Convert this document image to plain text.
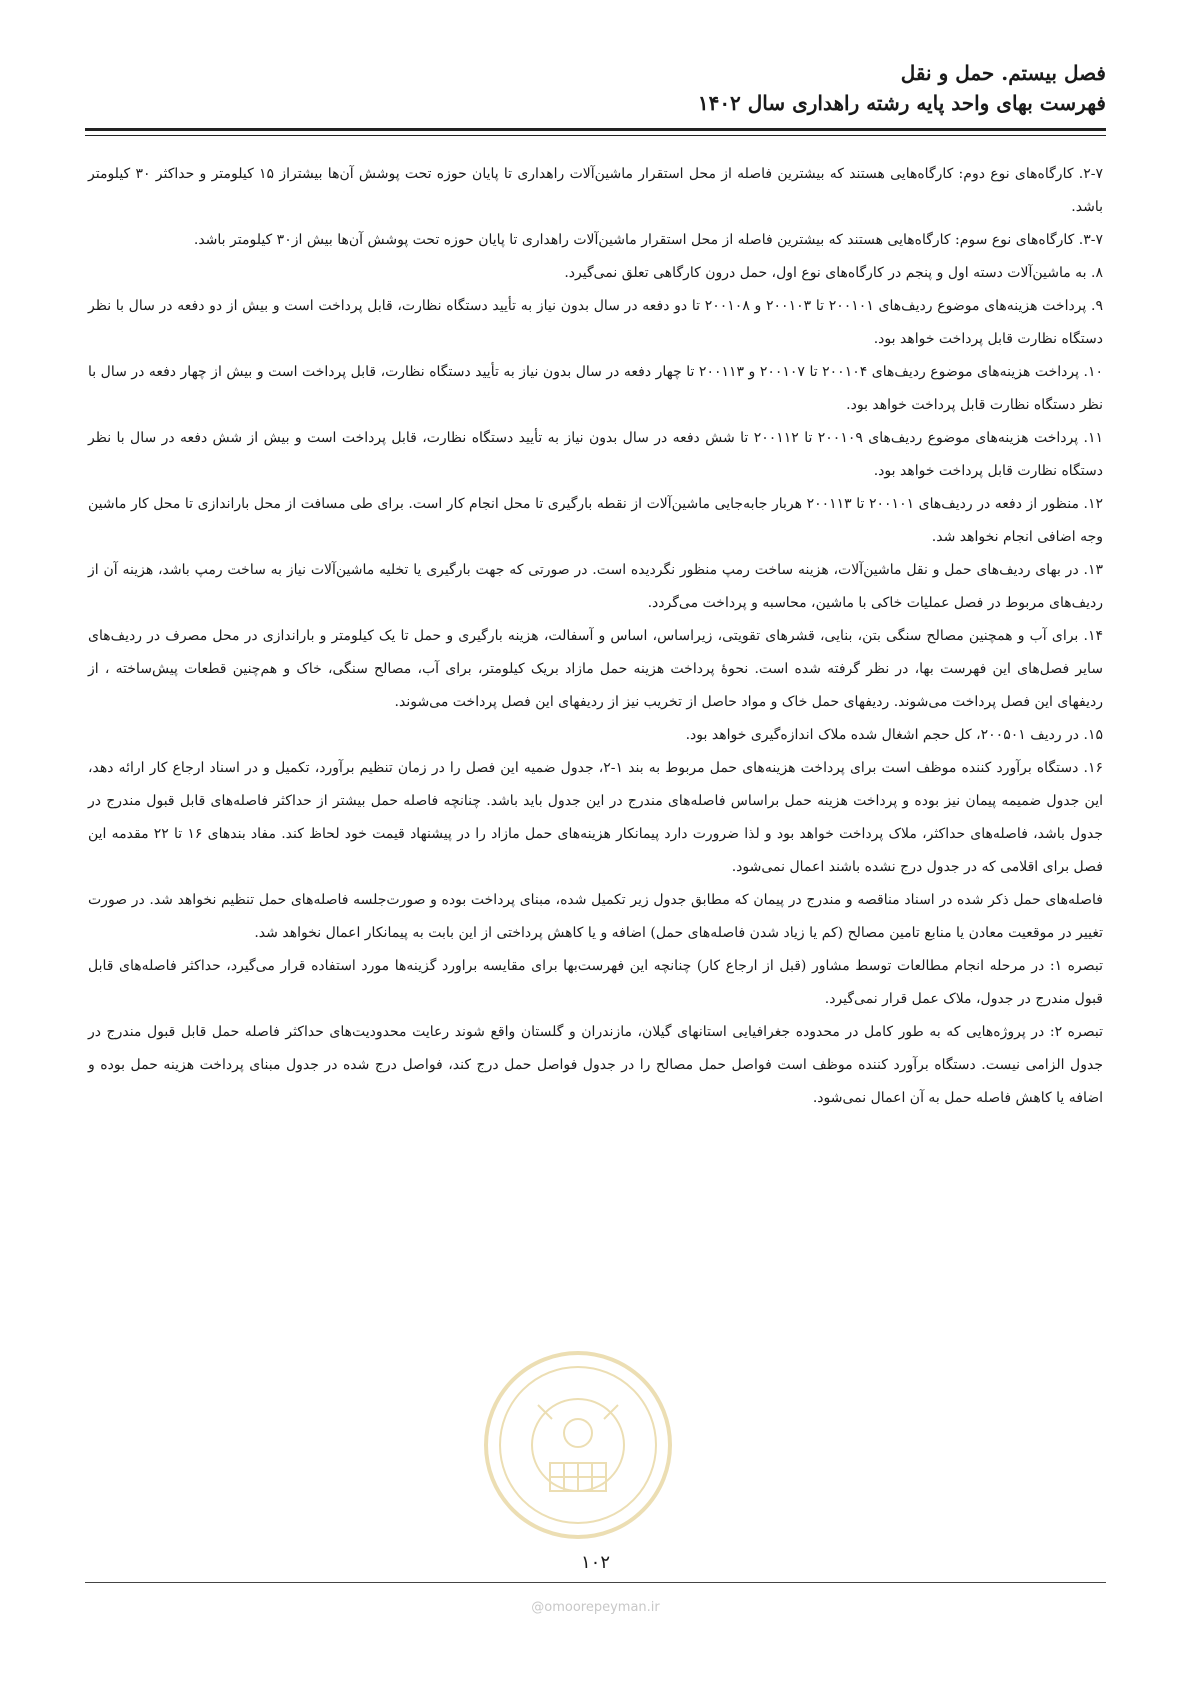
فصل بیستم. حمل و نقل
فهرست بهای واحد پایه رشته راهداری سال ۱۴۰۲

۲-۷. کارگاه‌های نوع دوم: کارگاه‌هایی هستند که بیشترین فاصله از محل استقرار ماشین‌آلات راهداری تا پایان حوزه تحت پوشش آن‌ها بیشتراز ۱۵ کیلومتر و حداکثر ۳۰ کیلومتر باشد.

۳-۷. کارگاه‌های نوع سوم: کارگاه‌هایی هستند که بیشترین فاصله از محل استقرار ماشین‌آلات راهداری تا پایان حوزه تحت پوشش آن‌ها بیش از۳۰ کیلومتر باشد.

۸. به ماشین‌آلات دسته اول و پنجم در کارگاه‌های نوع اول، حمل درون کارگاهی تعلق نمی‌گیرد.

۹. پرداخت هزینه‌های موضوع ردیف‌های ۲۰۰۱۰۱ تا ۲۰۰۱۰۳ و ۲۰۰۱۰۸ تا دو دفعه در سال بدون نیاز به تأیید دستگاه نظارت، قابل پرداخت است و بیش از دو دفعه در سال با نظر دستگاه نظارت قابل پرداخت خواهد بود.

۱۰. پرداخت هزینه‌های موضوع ردیف‌های ۲۰۰۱۰۴ تا ۲۰۰۱۰۷ و ۲۰۰۱۱۳ تا چهار دفعه در سال بدون نیاز به تأیید دستگاه نظارت، قابل پرداخت است و بیش از چهار دفعه در سال با نظر دستگاه نظارت قابل پرداخت خواهد بود.

۱۱. پرداخت هزینه‌های موضوع ردیف‌های ۲۰۰۱۰۹ تا ۲۰۰۱۱۲ تا شش دفعه در سال بدون نیاز به تأیید دستگاه نظارت، قابل پرداخت است و بیش از شش دفعه در سال با نظر دستگاه نظارت قابل پرداخت خواهد بود.

۱۲. منظور از دفعه در ردیف‌های ۲۰۰۱۰۱ تا ۲۰۰۱۱۳ هربار جابه‌جایی ماشین‌آلات از نقطه بارگیری تا محل انجام کار است. برای طی مسافت از محل باراندازی تا محل کار ماشین وجه اضافی انجام نخواهد شد.

۱۳. در بهای ردیف‌های حمل و نقل ماشین‌آلات، هزینه ساخت رمپ منظور نگردیده است. در صورتی که جهت بارگیری یا تخلیه ماشین‌آلات نیاز به ساخت رمپ باشد، هزینه آن از ردیف‌های مربوط در فصل عملیات خاکی با ماشین، محاسبه و پرداخت می‌گردد.

۱۴. برای آب و همچنین مصالح سنگی بتن، بنایی، قشرهای تقویتی، زیراساس، اساس و آسفالت، هزینه بارگیری و حمل تا یک کیلومتر و باراندازی در محل مصرف در ردیف‌های سایر فصل‌های این فهرست بها، در نظر گرفته شده است. نحوهٔ پرداخت هزینه حمل مازاد بریک کیلومتر، برای آب، مصالح سنگی، خاک و هم‌چنین قطعات پیش‌ساخته ، از ردیفهای این فصل پرداخت می‌شوند. ردیفهای حمل خاک و مواد حاصل از تخریب نیز از ردیفهای این فصل پرداخت می‌شوند.

۱۵. در ردیف ۲۰۰۵۰۱، کل حجم اشغال شده ملاک اندازه‌گیری خواهد بود.

۱۶. دستگاه برآورد کننده موظف است برای پرداخت هزینه‌های حمل مربوط به بند ۱-۲، جدول ضمیه این فصل را در زمان تنظیم برآورد، تکمیل و در اسناد ارجاع کار ارائه دهد، این جدول ضمیمه پیمان نیز بوده و پرداخت هزینه حمل براساس فاصله‌های مندرج در این جدول باید باشد. چنانچه فاصله حمل بیشتر از حداکثر فاصله‌های قابل قبول مندرج در جدول باشد، فاصله‌های حداکثر، ملاک پرداخت خواهد بود و لذا ضرورت دارد پیمانکار هزینه‌های حمل مازاد را در پیشنهاد قیمت خود لحاظ کند. مفاد بندهای ۱۶ تا ۲۲ مقدمه این فصل برای اقلامی که در جدول درج نشده باشند اعمال نمی‌شود.

فاصله‌های حمل ذکر شده در اسناد مناقصه و مندرج در پیمان که مطابق جدول زیر تکمیل شده، مبنای پرداخت بوده و صورت‌جلسه فاصله‌های حمل تنظیم نخواهد شد. در صورت تغییر در موقعیت معادن یا منابع تامین مصالح (کم یا زیاد شدن فاصله‌های حمل) اضافه و یا کاهش پرداختی از این بابت به پیمانکار اعمال نخواهد شد.

تبصره ۱: در مرحله انجام مطالعات توسط مشاور (قبل از ارجاع کار) چنانچه این فهرست‌بها برای مقایسه براورد گزینه‌ها مورد استفاده قرار می‌گیرد، حداکثر فاصله‌های قابل قبول مندرج در جدول، ملاک عمل قرار نمی‌گیرد.

تبصره ۲: در پروژه‌هایی که به طور کامل در محدوده جغرافیایی استانهای گیلان، مازندران و گلستان واقع شوند رعایت محدودیت‌های حداکثر فاصله حمل قابل قبول مندرج در جدول الزامی نیست. دستگاه برآورد کننده موظف است فواصل حمل مصالح را در جدول فواصل حمل درج کند، فواصل درج شده در جدول مبنای پرداخت هزینه حمل بوده و اضافه یا کاهش فاصله حمل به آن اعمال نمی‌شود.

۱۰۲
@omoorepeyman.ir
